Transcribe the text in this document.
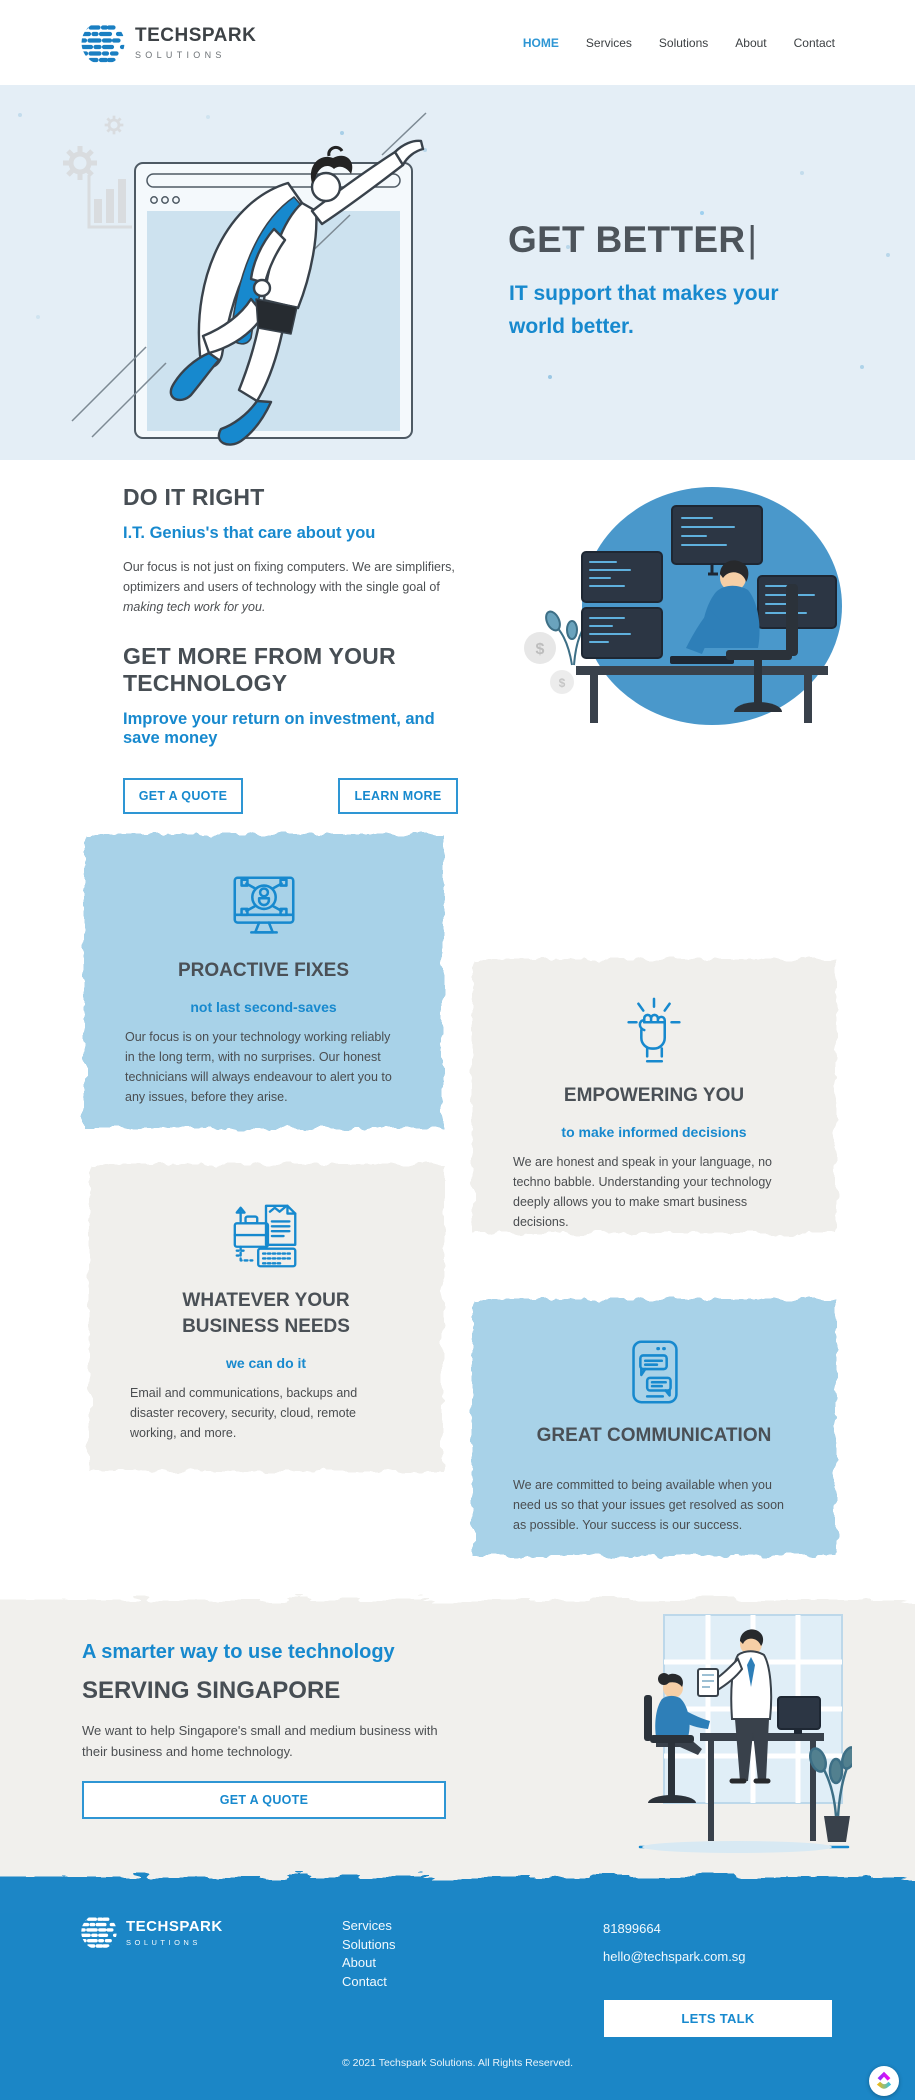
TECHSPARK
SOLUTIONS
HOME Services Solutions About Contact
GET BETTER|
IT support that makes your
world better.
DO IT RIGHT
I.T. Genius's that care about you

Our focus is not just on fixing computers. We are simplifiers, optimizers and users of technology with the single goal of making tech work for you.

GET MORE FROM YOUR TECHNOLOGY
Improve your return on investment, and save money
GET A QUOTE	LEARN MORE
$
$
PROACTIVE FIXES
not last second-saves
Our focus is on your technology working reliably in the long term, with no surprises. Our honest technicians will always endeavour to alert you to any issues, before they arise.	EMPOWERING YOU
to make informed decisions
We are honest and speak in your language, no techno babble. Understanding your technology deeply allows you to make smart business decisions.
WHATEVER YOUR BUSINESS NEEDS
we can do it
Email and communications, backups and disaster recovery, security, cloud, remote working, and more.	GREAT COMMUNICATION
We are committed to being available when you need us so that your issues get resolved as soon as possible. Your success is our success.
A smarter way to use technology
SERVING SINGAPORE

We want to help Singapore's small and medium business with their business and home technology.

GET A QUOTE
TECHSPARK
SOLUTIONS
Services
Solutions
About
Contact
81899664
hello@techspark.com.sg
LETS TALK
© 2021 Techspark Solutions. All Rights Reserved.
